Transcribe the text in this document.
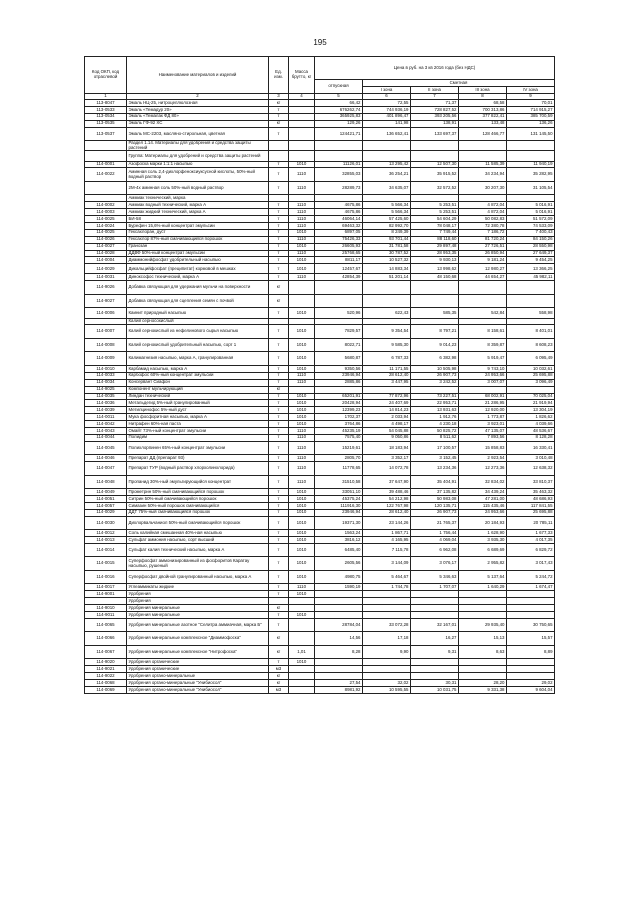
195
Код ОКП, код отраслевой	Наименование материалов и изделий	Ед. изм.	Масса брутто, кг	Цена в руб. на 3 кв 2016 года (без НДС)				
				отпускная	Сметная			
					I зона	II зона	III зона	IV зона
1	2	3	4	5	6	7	8	9
113-8047	Эмаль НЦ-25, нитроцеллюлозная	кг		66,42	72,55	71,37	68,58	70,01
113-0533	Эмаль «Темадур 20»	т		676262,74	744 936,19	728 827,52	700 313,86	714 915,27
113-0534	Эмаль «Темалак ФД 80»	т		365925,83	401 896,47	393 205,56	377 822,41	385 700,59
113-0535	Эмаль ГФ-92 ХС	кг		129,26	141,98	138,91	133,48	136,26
113-0537	Эмаль МС-2203, масляно-стирольная, цветная	т		124421,71	136 652,41	133 697,37	128 466,77	131 145,50
	Раздел 1.14. Материалы для удобрения и средства защиты растений							
	Группа: Материалы для удобрений и средства защиты растений							
114-0001	Азофоска марки 1:1:1 насыпью	т	1010	11126,01	13 295,42	12 507,30	11 585,39	11 940,19
114-0022	Аминная соль 2,4-дихлорфеноксиуксусной кислоты, 50%-ный водный раствор	т	1110	32855,03	36 254,21	35 915,52	34 234,94	35 282,95
	2М-4х аминная соль 50%-ный водный раствор	т	1110	28289,73	34 635,07	32 572,52	30 207,30	31 105,54
	Аммиак технический, марка							
114-0002	Аммиак водный технический, марка А	т	1110	4675,86	5 566,34	5 253,51	4 872,04	5 016,91
114-0003	Аммиак жидкий технический, марка А	т	1110	4675,86	5 566,34	5 253,51	4 872,04	5 016,91
114-0025	БИ-58	т	1110	46064,14	57 425,60	54 604,29	50 082,83	51 572,09
114-0024	Бурефен 15,6%-ный концентрат эмульсии	т	1110	69463,32	82 992,70	78 048,17	72 380,78	74 533,09
114-0025	Гексахлоран, дуст	т	1010	6897,05	8 249,39	7 749,44	7 186,72	7 400,43
114-0026	Гексахлор 87%-ный смачивающийся порошок	т	1110	75426,33	93 701,44	88 118,60	81 720,24	84 150,26
114-0027	Гранозан	т	1010	26605,93	31 781,58	29 897,48	27 726,51	28 550,98
114-0028	ДДВФ 50%-ный концентрат эмульсии	т	1110	25768,65	30 787,52	28 953,35	26 850,94	27 649,37
114-0004	Диаммонийфосфат удобрительный насыпью	т	1010	8811,17	10 527,32	9 930,13	9 181,24	9 454,25
114-0029	Дикальцийфосфат (преципитат) кормовой в мешках	т	1010	12457,67	14 883,34	13 998,62	12 980,27	13 366,25
114-0031	Диноксофос технический, марка А	т	1110	42854,39	51 201,14	48 150,68	44 654,27	45 982,11
114-9026	Добавка связующая для удержания мульчи на поверхности	кг						
114-9027	Добавка связующая для сцепления семян с почвой	кг						
114-0006	Каинит природный насыпью	т	1010	520,96	622,43	585,35	542,84	558,98
	Калий серносокислый							
114-0007	Калий сернокислый из нефелинового сырья насыпью	т	1010	7829,57	9 354,54	8 797,21	8 158,61	8 401,01
114-0008	Калий сернокислый удобрительный насыпью, сорт 1	т	1010	8022,71	9 585,30	9 014,23	8 359,87	8 608,23
114-0009	Калимагнезия насыпью, марка А, гранулированная	т	1010	5680,87	6 787,33	6 382,98	5 919,47	6 095,49
114-0010	Карбамид насыпью, марка А	т	1010	9350,56	11 171,55	10 505,98	9 743,10	10 032,61
114-0033	Карбофос 60%-ный концентрат эмульсии	т	1110	23946,94	28 612,40	26 907,73	24 953,66	25 695,88
114-0034	Консервант Сиафон	т	1110	2885,86	3 447,95	3 242,52	3 007,07	3 096,49
114-9025	Компонент мульчирующий	кг						
114-0035	Линдан технический	т	1010	65201,91	77 872,96	73 227,51	68 002,91	70 025,04
114-0036	Метальдегид 5%-ный гранулированный	т	1010	20428,94	24 407,69	22 953,71	21 286,95	21 919,94
114-0039	Метилцинофос 5%-ный дуст	т	1010	12399,23	14 814,23	13 931,63	12 920,00	13 304,19
114-0011	Мука фосфоритная насыпью, марка А	т	1010	1702,37	2 033,94	1 912,76	1 773,87	1 826,62
114-0042	Нитрафен 60%-ная паста	т	1010	3764,86	4 498,17	4 230,18	3 923,01	4 039,66
114-0043	Омайт 73%-ный концентрат эмульсии	т	1110	45235,19	54 045,88	50 825,72	47 135,07	48 536,67
114-0044	Полидим	т	1110	7575,40	9 050,86	8 511,62	7 893,56	8 128,28
114-0045	Полихлорпинен 65%-ный концентрат эмульсии	т	1110	15219,61	18 183,94	17 100,57	15 858,83	16 330,41
114-0046	Препарат ДД (препарат 93)	т	1110	2805,70	3 352,17	3 152,45	2 923,54	3 010,48
114-0047	Препарат ТУР (водный раствор хлорхолинхлорида)	т	1110	11778,65	14 072,78	13 234,36	12 273,36	12 638,32
114-0048	Пропанид 30%-ный эмульгирующийся концентрат	т	1110	31510,58	37 647,90	35 404,91	32 834,02	33 810,37
114-0049	Прометрин 50%-ный смачивающийся порошок	т	1010	33051,10	39 488,46	37 135,82	34 439,24	35 463,32
114-0051	Ситрин 50%-ный смачивающийся порошок	т	1010	45375,24	54 212,98	50 983,08	47 281,00	48 686,93
114-0057	Симазин 50%-ный порошок смачивающийся	т	1010	111916,30	122 767,98	120 135,71	115 435,46	117 841,55
114-0029	ДДТ 75%-ный смачивающийся порошок	т	1010	23946,94	28 612,40	26 907,73	24 953,66	25 695,88
114-0030	Дихлорвальчаниол 50%-ный смачивающийся порошок	т	1010	19371,30	23 144,26	21 765,37	20 184,93	20 785,11
114-0012	Соль калийная смешанная 40%-ная насыпью	т	1010	1563,24	1 867,71	1 756,44	1 628,90	1 677,33
114-0013	Сульфат аммония насыпью, сорт высший	т	1010	3816,12	4 165,95	4 069,04	3 935,30	4 017,35
114-0014	Сульфат калия технический насыпью, марка А	т	1010	6485,40	7 115,78	6 962,08	6 689,69	6 829,72
114-0015	Суперфосфат аммонизированный из фосфоритов Каратау насыпью, рушеный	т	1010	2605,56	3 144,09	3 076,17	2 955,82	3 017,43
114-0016	Суперфосфат двойной гранулированный насыпью, марка А	т	1010	4980,75	5 464,67	5 346,63	5 137,64	5 244,72
114-0017	Углеаммикаты жидкие	т	1110	1590,19	1 744,78	1 707,07	1 640,29	1 674,47
114-9001	Удобрения	т	1010					
	Удобрения							
114-9010	Удобрения минеральные	кг						
114-9011	Удобрения минеральные	т	1010					
114-0065	Удобрения минеральные азотное "Селитра аммиачная, марка Б"	т		28784,04	33 072,28	32 167,01	29 935,40	30 750,65
114-0066	Удобрения минеральные комплексное "Диаммофоска"	кг		14,56	17,18	16,27	15,13	15,57
114-0067	Удобрения минеральные комплексное "Нитрофоска"	кг	1,01	8,28	9,90	9,31	8,63	8,89
114-9020	Удобрения органические	т	1010					
114-9021	Удобрения органические	м3						
114-9022	Удобрения органо-минеральные	кг						
114-0068	Удобрения органо-минеральные "Унибиосол"	кг		27,54	32,02	30,31	28,20	29,02
114-0069	Удобрения органо-минеральные "Унибиосол"	м3		8981,92	10 595,55	10 031,75	9 331,38	9 604,04
